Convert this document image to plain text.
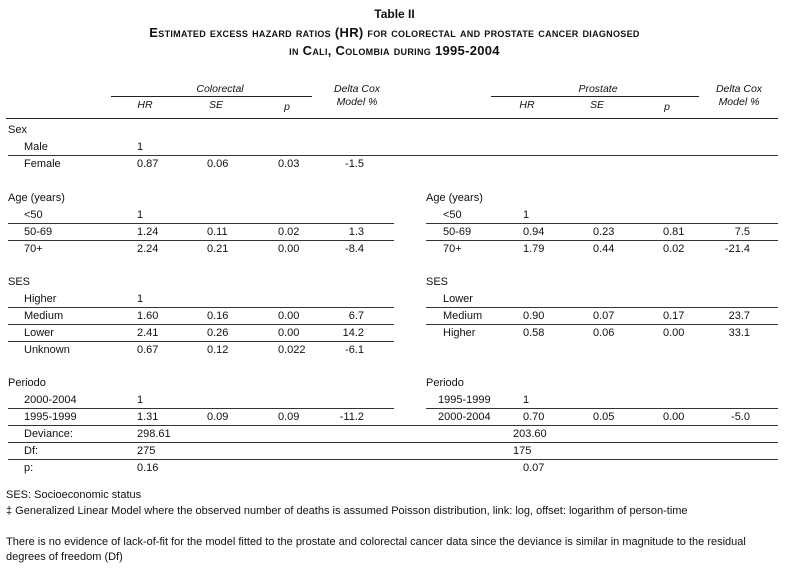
Table II
Estimated excess hazard ratios (HR) for colorectal and prostate cancer diagnosed
in Cali, Colombia during 1995-2004
Colorectal	Delta Cox
Model %
HR	SE	p
Prostate	Delta Cox
Model %
HR	SE	p
Sex
Male	1
Female	0.87	0.06	0.03	-1.5
Age (years)
<50	1
50-69	1.24	0.11	0.02	1.3
70+	2.24	0.21	0.00	-8.4
Age (years)
<50	1
50-69	0.94	0.23	0.81	7.5
70+	1.79	0.44	0.02	-21.4
SES
Higher	1
Medium	1.60	0.16	0.00	6.7
Lower	2.41	0.26	0.00	14.2
Unknown	0.67	0.12	0.022	-6.1
SES
Lower
Medium	0.90	0.07	0.17	23.7
Higher	0.58	0.06	0.00	33.1
Periodo
2000-2004	1
1995-1999	1.31	0.09	0.09	-11.2
Periodo
1995-1999	1
2000-2004	0.70	0.05	0.00	-5.0
Deviance:	298.61	203.60
Df:	275	175
p:	0.16	0.07
SES: Socioeconomic status
‡ Generalized Linear Model where the observed number of deaths is assumed Poisson distribution, link: log, offset: logarithm of person-time
There is no evidence of lack-of-fit for the model fitted to the prostate and colorectal cancer data since the deviance is similar in magnitude to the residual
degrees of freedom (Df)
